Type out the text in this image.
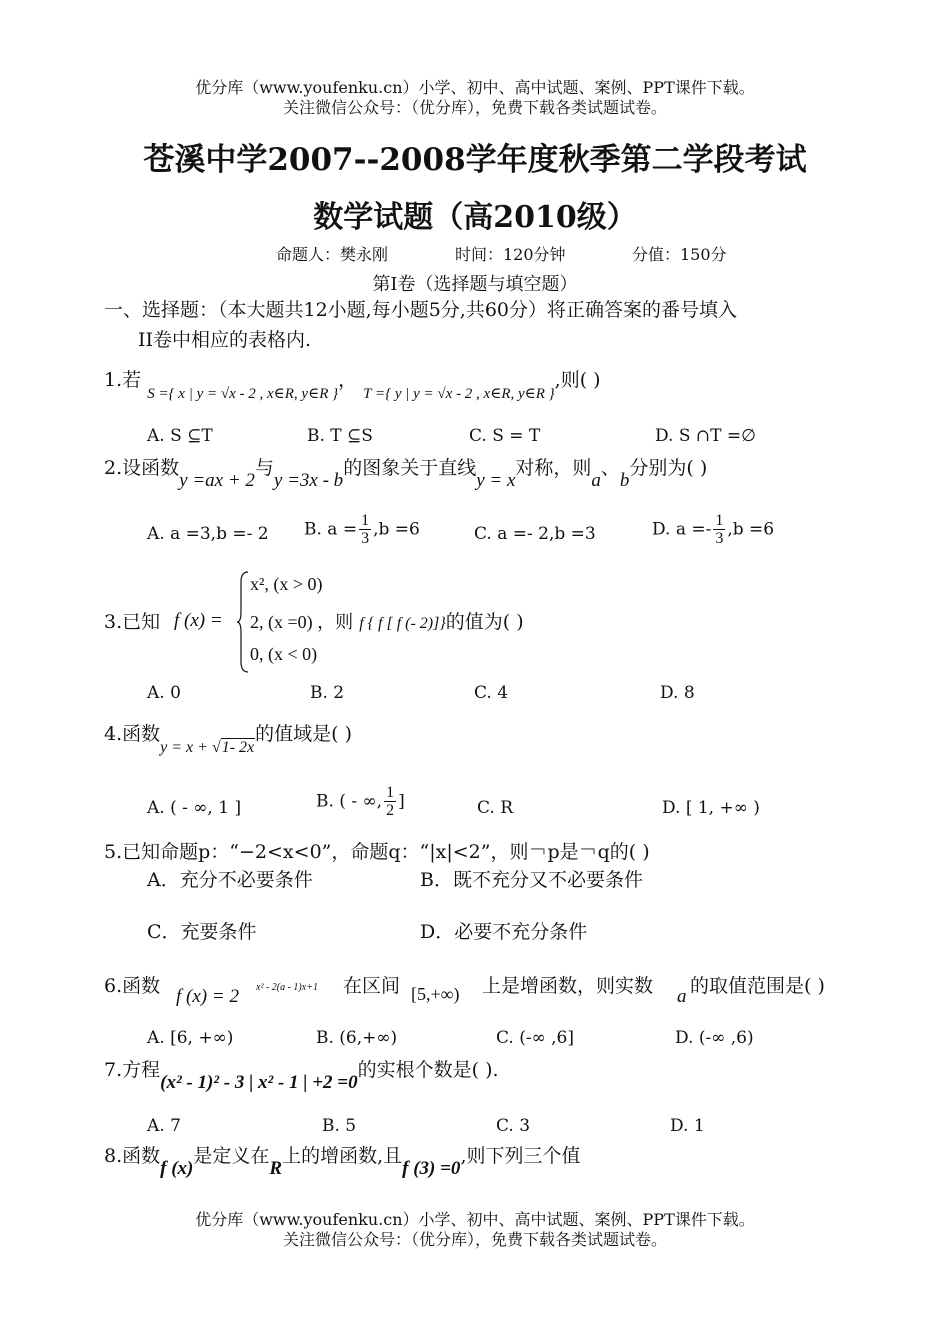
优分库（www.youfenku.cn）小学、初中、高中试题、案例、PPT课件下载。
关注微信公众号：（优分库），免费下载各类试题试卷。
苍溪中学2007--2008学年度秋季第二学段考试
数学试题（高2010级）
命题人：樊永刚	时间：120分钟	分值：150分
第Ⅰ卷（选择题与填空题）
一、选择题：（本大题共12小题,每小题5分,共60分）将正确答案的番号填入
II卷中相应的表格内.
1.若 $_{S =\{ x | y = √x - 2 , x\in R, y\in R \}}$， $_{T =\{ y | y = √x - 2 , x\in R, y\in R \}}$,则( )
A. S ⊆T	B. T ⊆S	C. S = T	D. S ∩T =∅
2.设函数y =ax + 2与y =3x - b的图象关于直线y = x对称，则a、b分别为( )
A. a =3,b =- 2 B. $a = \frac{1}{3} ,b =6$	C. a =- 2,b =3	D. $a =- \frac{1}{3} ,b =6$
3.已知 f (x) =
x², (x > 0)
2, (x =0) ，则 f { f [ f (- 2)]}的值为( )
0, (x < 0)
A. 0	B. 2	C. 4	D. 8
4.函数$_{y = x + √1- 2x}$的值域是( )
A. ( - ∞, 1 ]	B. ( - ∞, $\frac{1}{2}$ ]	C. R	D. [ 1, +∞ )
5.已知命题p：“−2<x<0”，命题q：“|x|<2”，则￢p是￢q的( )
A．充分不必要条件	B．既不充分又不必要条件
C．充要条件	D．必要不充分条件
6.函数 f (x) = 2 x² - 2(a - 1)x+1 在区间 [5,+∞) 上是增函数，则实数 a 的取值范围是( )
A. [6, +∞)	B. (6,+∞)	C. (-∞ ,6]	D. (-∞ ,6)
7.方程(x² - 1)² - 3 | x² - 1 | +2 =0的实根个数是( ).
A. 7	B. 5	C. 3	D. 1
8.函数f (x)是定义在R上的增函数,且f (3) =0,则下列三个值
优分库（www.youfenku.cn）小学、初中、高中试题、案例、PPT课件下载。
关注微信公众号：（优分库），免费下载各类试题试卷。
